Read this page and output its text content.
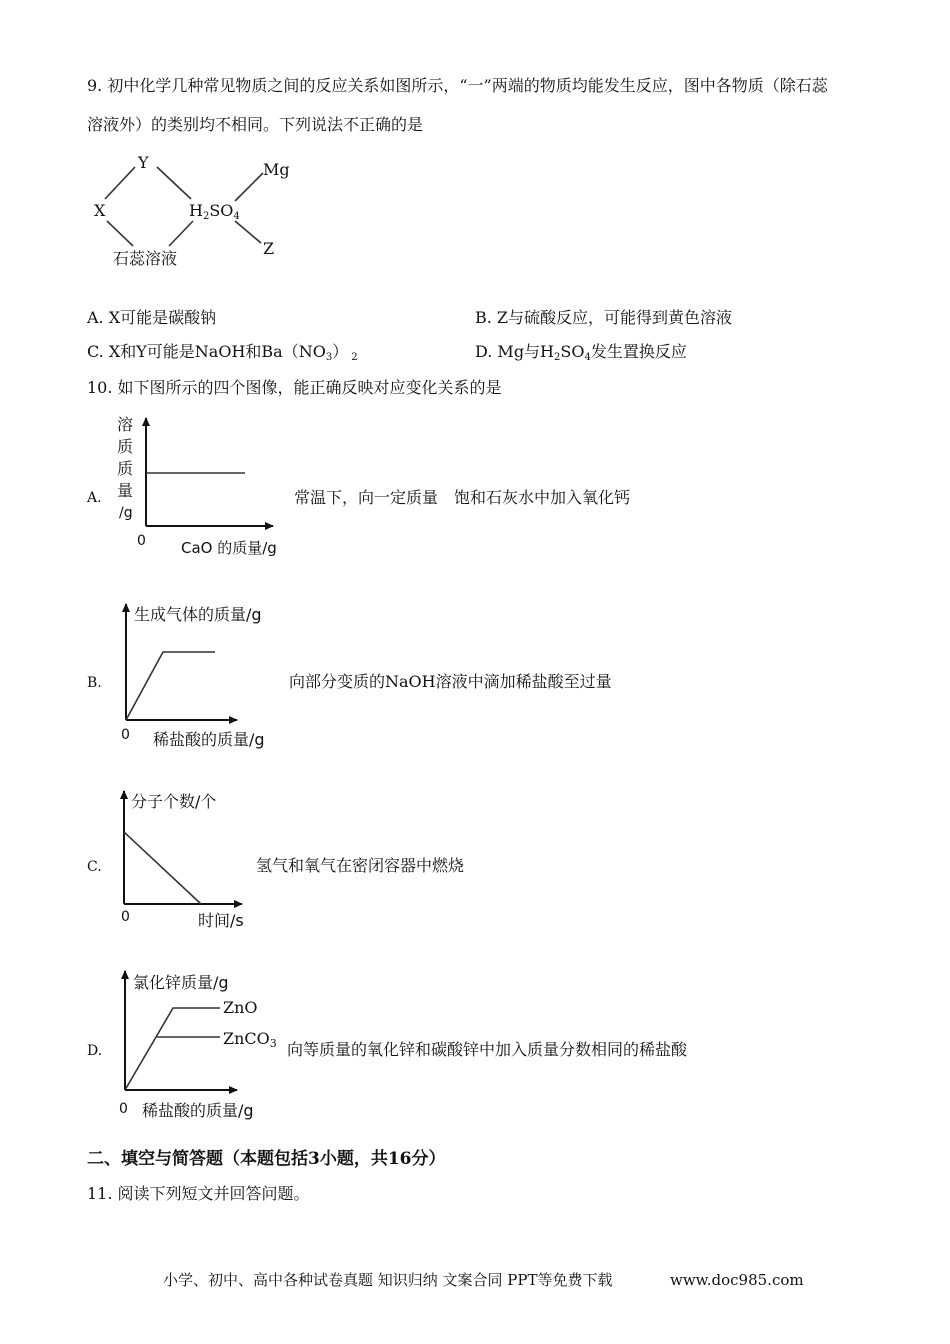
9. 初中化学几种常见物质之间的反应关系如图所示，“一”两端的物质均能发生反应，图中各物质（除石蕊
溶液外）的类别均不相同。下列说法不正确的是
Y	Mg
X	H2SO4
石蕊溶液
Z
A. X可能是碳酸钠	B. Z与硫酸反应，可能得到黄色溶液
C. X和Y可能是NaOH和$Ba(NO_3)$ $_2$	D. Mg与$H_2SO_4$发生置换反应
10. 如下图所示的四个图像，能正确反映对应变化关系的是
A.
溶
质
质
量
/g
0 CaO 的质量/g
常温下，向一定质量　饱和石灰水中加入氧化钙
B.
生成气体的质量/g
0 稀盐酸的质量/g
向部分变质的NaOH溶液中滴加稀盐酸至过量
C.
分子个数/个
0	时间/s
氢气和氧气在密闭容器中燃烧
D.
氯化锌质量/g
ZnO
ZnCO3
0 稀盐酸的质量/g
向等质量的氧化锌和碳酸锌中加入质量分数相同的稀盐酸
二、填空与简答题（本题包括3小题，共16分）
11. 阅读下列短文并回答问题。
小学、初中、高中各种试卷真题 知识归纳 文案合同 PPT等免费下载	www.doc985.com
